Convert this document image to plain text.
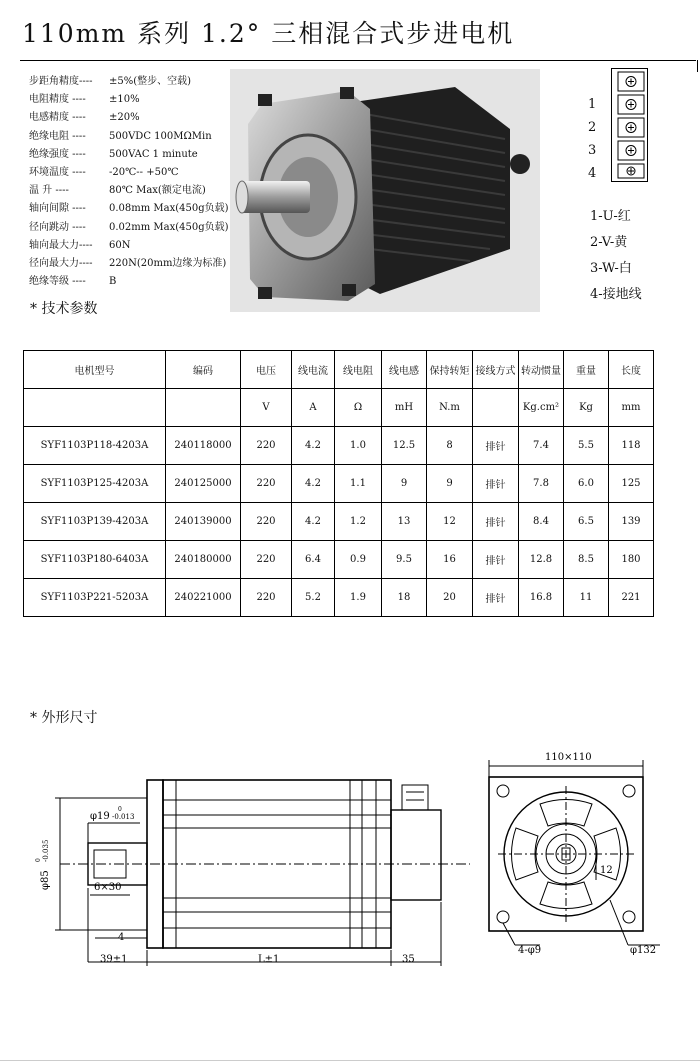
110mm 系列 1.2° 三相混合式步进电机
步距角精度----	±5%(整步、空载)
电阻精度 ----	±10%
电感精度 ----	±20%
绝缘电阻 ----	500VDC 100MΩMin
绝缘强度 ----	500VAC 1 minute
环境温度 ----	-20℃-- +50℃
温 升 ----	80℃ Max(额定电流)
轴向间隙 ----	0.08mm Max(450g负载)
径向跳动 ----	0.02mm Max(450g负载)
轴向最大力----	60N
径向最大力----	220N(20mm边缘为标准)
绝缘等级 ----	B
* 技术参数
1
2
3
4
1-U-红
2-V-黄
3-W-白
4-接地线
电机型号	编码	电压	线电流	线电阻	线电感	保持转矩	接线方式	转动惯量	重量	长度
		V	A	Ω	mH	N.m		Kg.cm²	Kg	mm
SYF1103P118-4203A	240118000	220	4.2	1.0	12.5	8	排针	7.4	5.5	118
SYF1103P125-4203A	240125000	220	4.2	1.1	9	9	排针	7.8	6.0	125
SYF1103P139-4203A	240139000	220	4.2	1.2	13	12	排针	8.4	6.5	139
SYF1103P180-6403A	240180000	220	6.4	0.9	9.5	16	排针	12.8	8.5	180
SYF1103P221-5203A	240221000	220	5.2	1.9	18	20	排针	16.8	11	221
* 外形尺寸
φ19
0
-0.013
φ85
0 -0.035
6×30
4
39±1	L±1	35
110×110
12
4-φ9	φ132
